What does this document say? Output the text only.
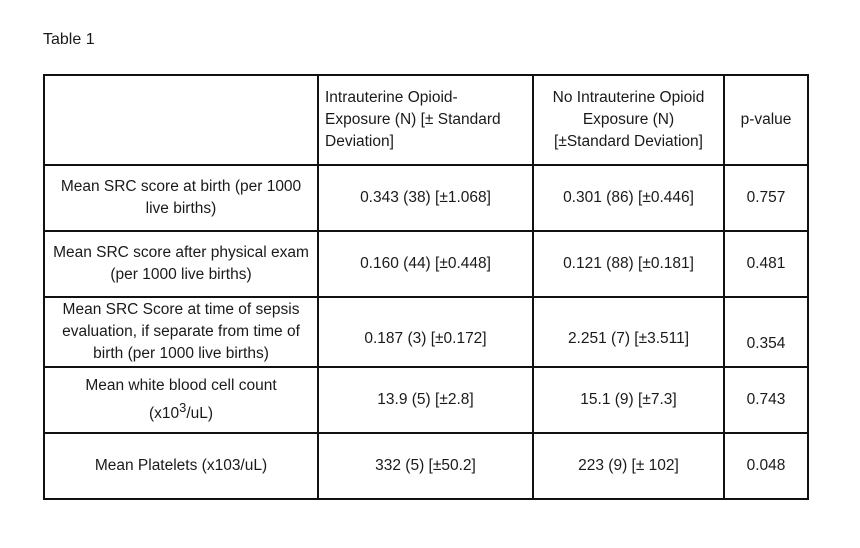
Table 1

	Intrauterine Opioid-
Exposure (N) [± Standard
Deviation]	No Intrauterine Opioid
Exposure (N)
[±Standard Deviation]	p-value
Mean SRC score at birth (per 1000 live births)	0.343 (38) [±1.068]	0.301 (86) [±0.446]	0.757
Mean SRC score after physical exam (per 1000 live births)	0.160 (44) [±0.448]	0.121 (88) [±0.181]	0.481
Mean SRC Score at time of sepsis evaluation, if separate from time of birth (per 1000 live births)	0.187 (3) [±0.172]	2.251 (7) [±3.511]	0.354

Mean white blood cell count
$(x10^3/uL)$	13.9 (5) [±2.8]	15.1 (9) [±7.3]	0.743
Mean Platelets (x103/uL)	332 (5) [±50.2]	223 (9) [± 102]	0.048
